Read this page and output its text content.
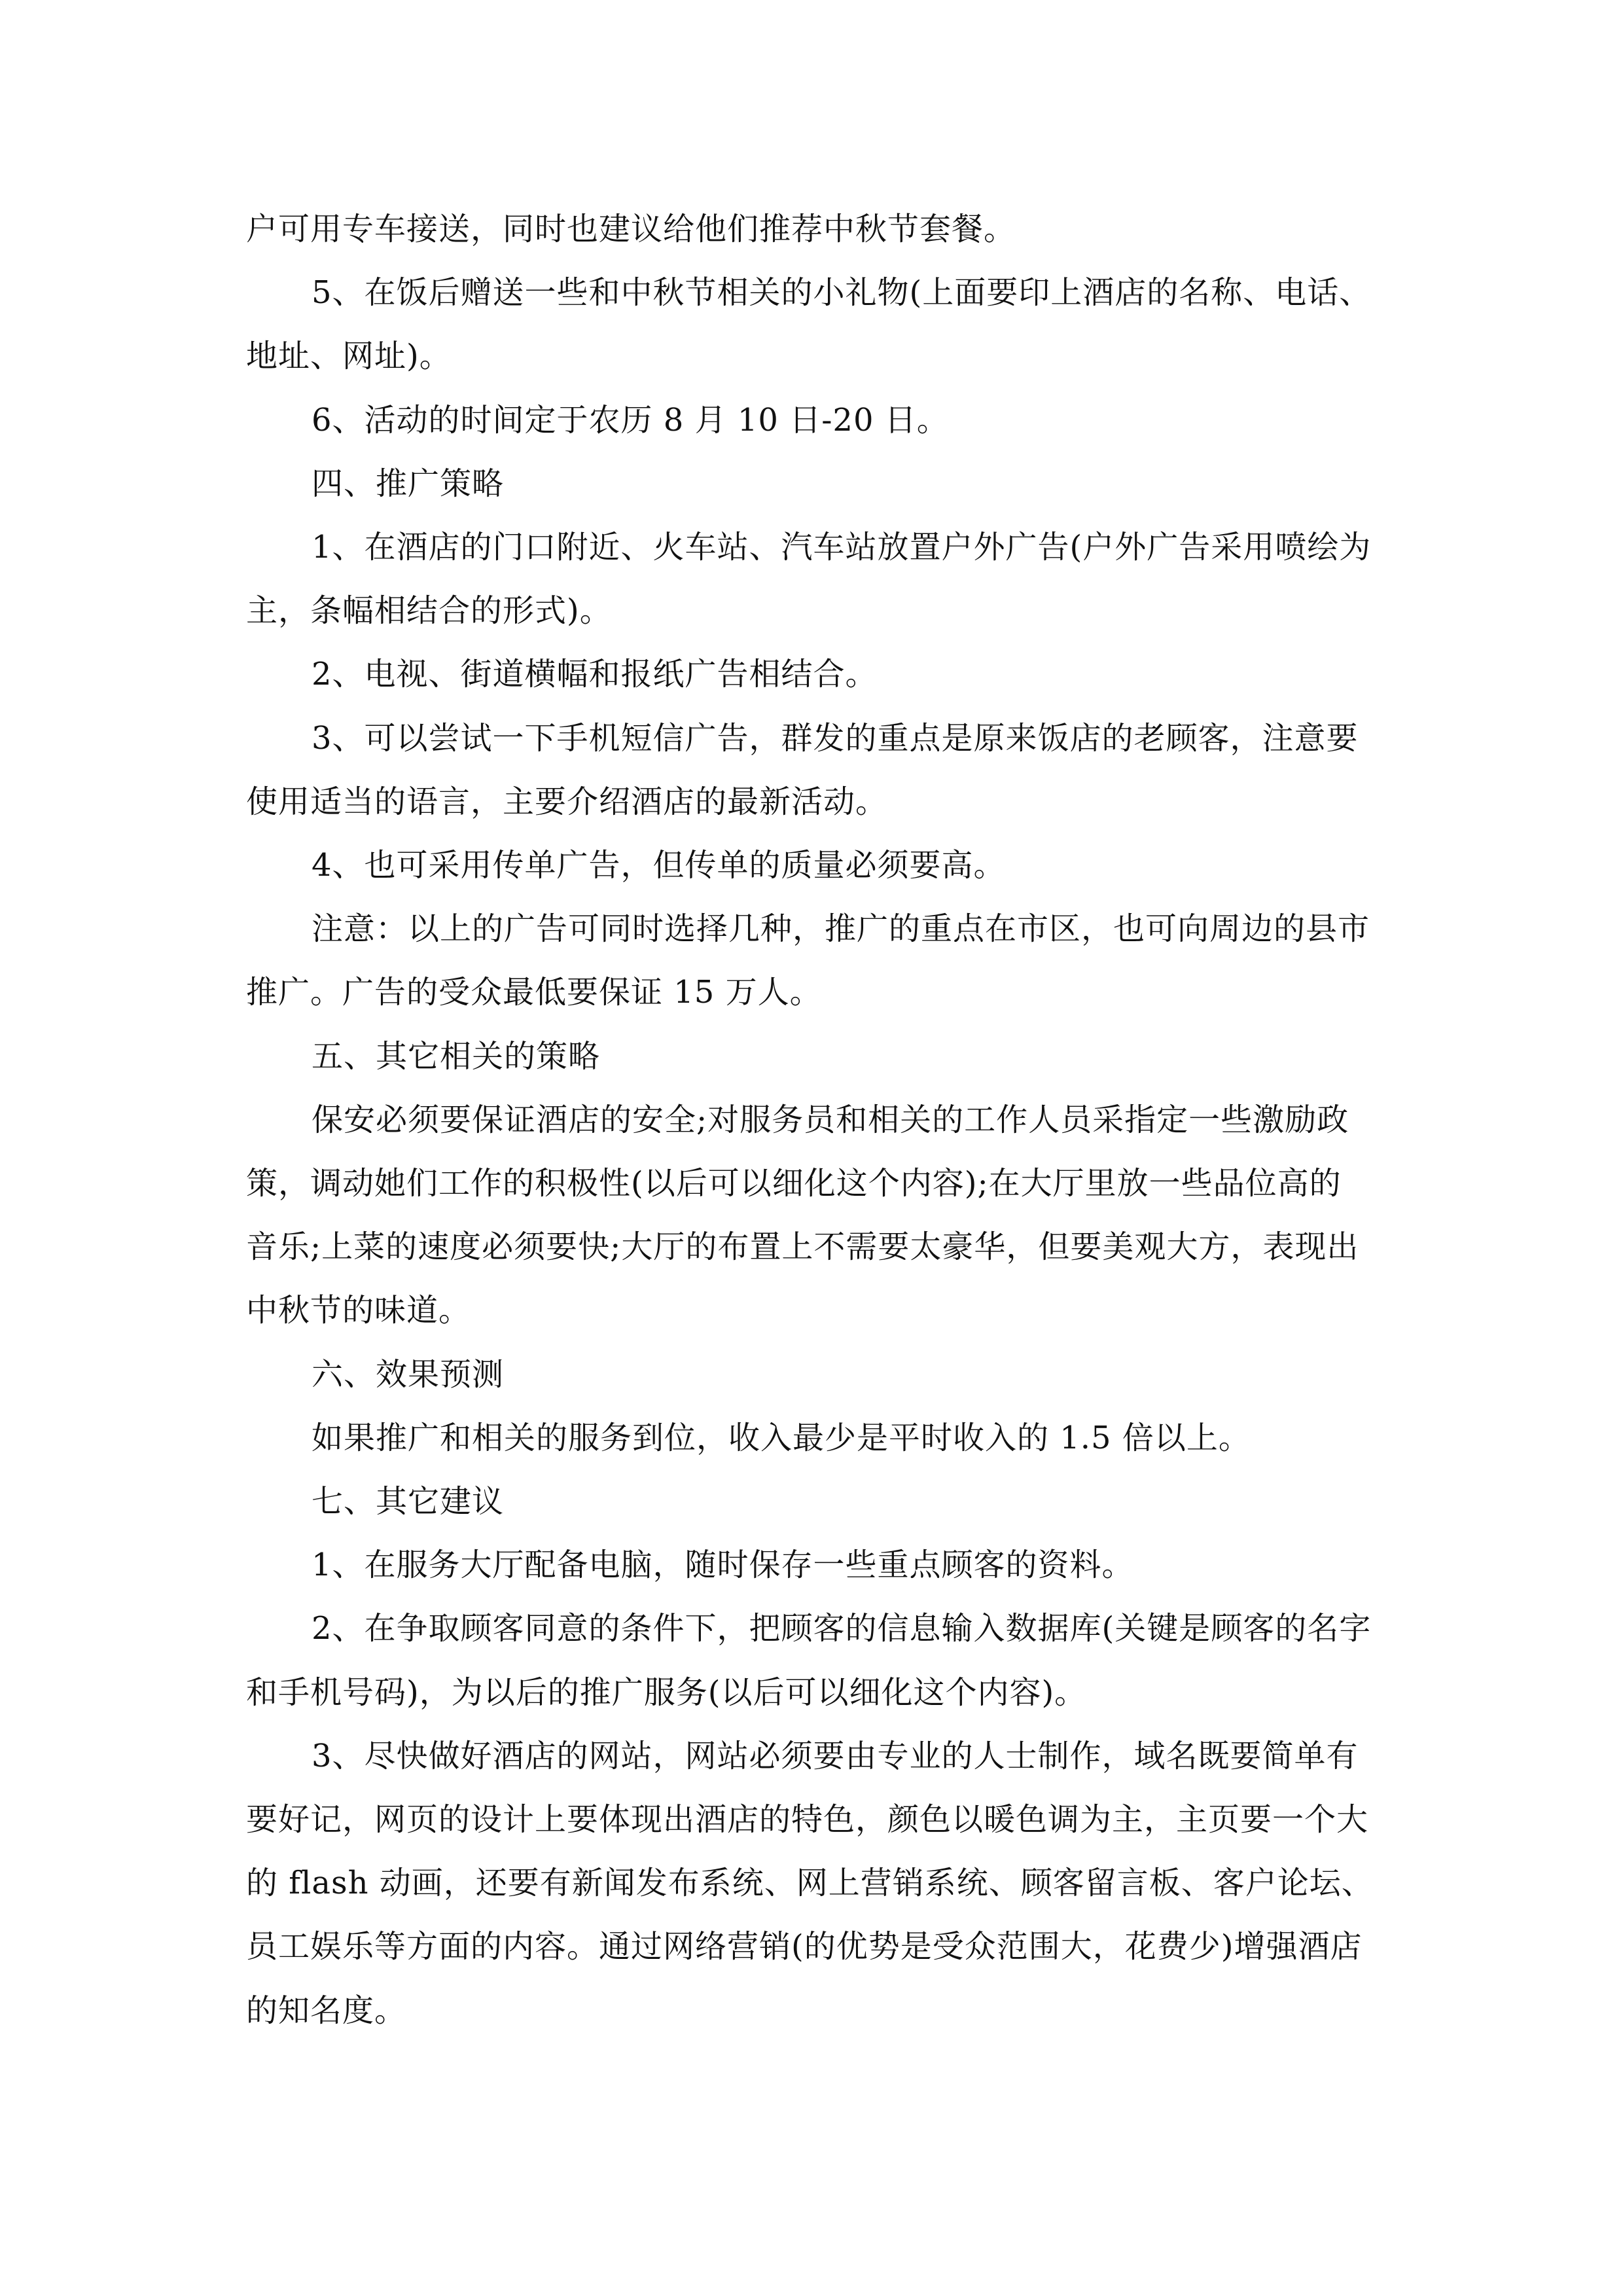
户可用专车接送，同时也建议给他们推荐中秋节套餐。
5、在饭后赠送一些和中秋节相关的小礼物(上面要印上酒店的名称、电话、
地址、网址)。
6、活动的时间定于农历 8 月 10 日-20 日。
四、推广策略
1、在酒店的门口附近、火车站、汽车站放置户外广告(户外广告采用喷绘为
主，条幅相结合的形式)。
2、电视、街道横幅和报纸广告相结合。
3、可以尝试一下手机短信广告，群发的重点是原来饭店的老顾客，注意要
使用适当的语言，主要介绍酒店的最新活动。
4、也可采用传单广告，但传单的质量必须要高。
注意：以上的广告可同时选择几种，推广的重点在市区，也可向周边的县市
推广。广告的受众最低要保证 15 万人。
五、其它相关的策略
保安必须要保证酒店的安全;对服务员和相关的工作人员采指定一些激励政
策，调动她们工作的积极性(以后可以细化这个内容);在大厅里放一些品位高的
音乐;上菜的速度必须要快;大厅的布置上不需要太豪华，但要美观大方，表现出
中秋节的味道。
六、效果预测
如果推广和相关的服务到位，收入最少是平时收入的 1.5 倍以上。
七、其它建议
1、在服务大厅配备电脑，随时保存一些重点顾客的资料。
2、在争取顾客同意的条件下，把顾客的信息输入数据库(关键是顾客的名字
和手机号码)，为以后的推广服务(以后可以细化这个内容)。
3、尽快做好酒店的网站，网站必须要由专业的人士制作，域名既要简单有
要好记，网页的设计上要体现出酒店的特色，颜色以暖色调为主，主页要一个大
的 flash 动画，还要有新闻发布系统、网上营销系统、顾客留言板、客户论坛、
员工娱乐等方面的内容。通过网络营销(的优势是受众范围大，花费少)增强酒店
的知名度。
